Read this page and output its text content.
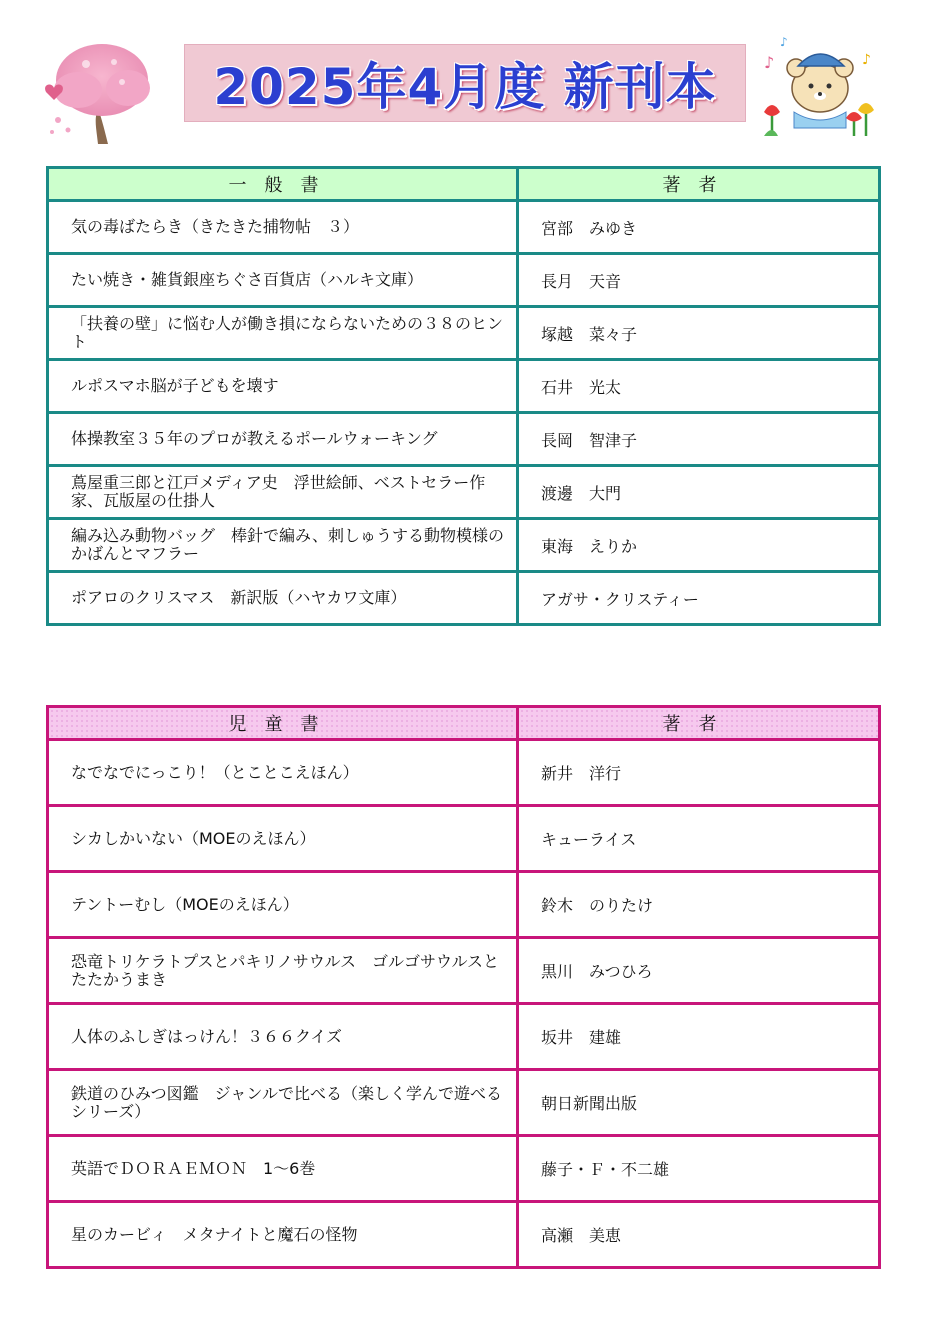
2025年4月度 新刊本	♪	♪
♪
一般書	著者
気の毒ばたらき（きたきた捕物帖　３）	宮部　みゆき
たい焼き・雑貨銀座ちぐさ百貨店（ハルキ文庫）	長月　天音
「扶養の壁」に悩む人が働き損にならないための３８のヒント	塚越　菜々子
ルポスマホ脳が子どもを壊す	石井　光太
体操教室３５年のプロが教えるポールウォーキング	長岡　智津子
蔦屋重三郎と江戸メディア史　浮世絵師、ベストセラー作家、瓦版屋の仕掛人	渡邊　大門
編み込み動物バッグ　棒針で編み、刺しゅうする動物模様のかばんとマフラー	東海　えりか
ポアロのクリスマス　新訳版（ハヤカワ文庫）	アガサ・クリスティー
児童書	著者
なでなでにっこり！（とことこえほん）	新井　洋行
シカしかいない（MOEのえほん）	キューライス
テントーむし（MOEのえほん）	鈴木　のりたけ
恐竜トリケラトプスとパキリノサウルス　ゴルゴサウルスとたたかうまき	黒川　みつひろ
人体のふしぎはっけん！３６６クイズ	坂井　建雄
鉄道のひみつ図鑑　ジャンルで比べる（楽しく学んで遊べるシリーズ）	朝日新聞出版
英語でＤＯＲＡＥＭＯＮ　1～6巻	藤子・Ｆ・不二雄
星のカービィ　メタナイトと魔石の怪物	高瀬　美恵
